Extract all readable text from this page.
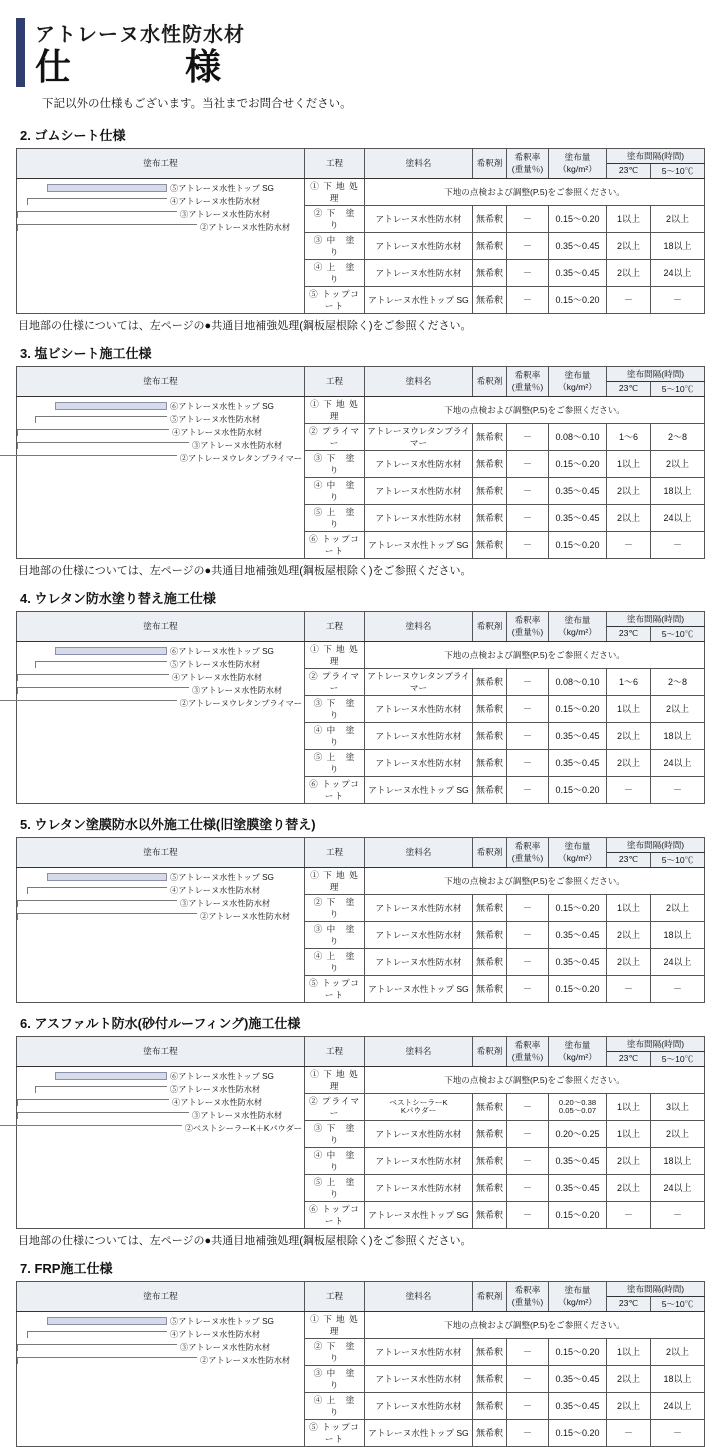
アトレーヌ水性防水材
仕　　様
下記以外の仕様もございます。当社までお問合せください。
2. ゴムシート仕様
塗布工程	工程	塗料名	希釈剤	希釈率(重量％)	塗布量（kg/m²）	塗布間隔(時間)	
						23℃	5～10℃

⑤アトレーヌ水性トップ SG
④アトレーヌ水性防水材
③アトレーヌ水性防水材
②アトレーヌ水性防水材	① 下 地 処 理	下地の点検および調整(P.5)をご参照ください。					
	② 下　塗　り	アトレーヌ水性防水材	無希釈	－	0.15～0.20	1以上	2以上
	③ 中　塗　り	アトレーヌ水性防水材	無希釈	－	0.35～0.45	2以上	18以上
	④ 上　塗　り	アトレーヌ水性防水材	無希釈	－	0.35～0.45	2以上	24以上
	⑤ トップコート	アトレーヌ水性トップ SG	無希釈	－	0.15～0.20	－	－
目地部の仕様については、左ページの●共通目地補強処理(鋼板屋根除く)をご参照ください。
3. 塩ビシート施工仕様
塗布工程	工程	塗料名	希釈剤	希釈率(重量％)	塗布量（kg/m²）	塗布間隔(時間)	
						23℃	5～10℃

⑥アトレーヌ水性トップ SG
⑤アトレーヌ水性防水材
④アトレーヌ水性防水材
③アトレーヌ水性防水材
②アトレーヌウレタンプライマー	① 下 地 処 理	下地の点検および調整(P.5)をご参照ください。					
	② プライマー	アトレーヌウレタンプライマー	無希釈	－	0.08～0.10	1～6	2～8
	③ 下　塗　り	アトレーヌ水性防水材	無希釈	－	0.15～0.20	1以上	2以上
	④ 中　塗　り	アトレーヌ水性防水材	無希釈	－	0.35～0.45	2以上	18以上
	⑤ 上　塗　り	アトレーヌ水性防水材	無希釈	－	0.35～0.45	2以上	24以上
	⑥ トップコート	アトレーヌ水性トップ SG	無希釈	－	0.15～0.20	－	－
目地部の仕様については、左ページの●共通目地補強処理(鋼板屋根除く)をご参照ください。
4. ウレタン防水塗り替え施工仕様
塗布工程	工程	塗料名	希釈剤	希釈率(重量％)	塗布量（kg/m²）	塗布間隔(時間)	
						23℃	5～10℃

⑥アトレーヌ水性トップ SG
⑤アトレーヌ水性防水材
④アトレーヌ水性防水材
③アトレーヌ水性防水材
②アトレーヌウレタンプライマー	① 下 地 処 理	下地の点検および調整(P.5)をご参照ください。					
	② プライマー	アトレーヌウレタンプライマー	無希釈	－	0.08～0.10	1～6	2～8
	③ 下　塗　り	アトレーヌ水性防水材	無希釈	－	0.15～0.20	1以上	2以上
	④ 中　塗　り	アトレーヌ水性防水材	無希釈	－	0.35～0.45	2以上	18以上
	⑤ 上　塗　り	アトレーヌ水性防水材	無希釈	－	0.35～0.45	2以上	24以上
	⑥ トップコート	アトレーヌ水性トップ SG	無希釈	－	0.15～0.20	－	－
5. ウレタン塗膜防水以外施工仕様(旧塗膜塗り替え)
塗布工程	工程	塗料名	希釈剤	希釈率(重量％)	塗布量（kg/m²）	塗布間隔(時間)	
						23℃	5～10℃

⑤アトレーヌ水性トップ SG
④アトレーヌ水性防水材
③アトレーヌ水性防水材
②アトレーヌ水性防水材	① 下 地 処 理	下地の点検および調整(P.5)をご参照ください。					
	② 下　塗　り	アトレーヌ水性防水材	無希釈	－	0.15～0.20	1以上	2以上
	③ 中　塗　り	アトレーヌ水性防水材	無希釈	－	0.35～0.45	2以上	18以上
	④ 上　塗　り	アトレーヌ水性防水材	無希釈	－	0.35～0.45	2以上	24以上
	⑤ トップコート	アトレーヌ水性トップ SG	無希釈	－	0.15～0.20	－	－
6. アスファルト防水(砂付ルーフィング)施工仕様
塗布工程	工程	塗料名	希釈剤	希釈率(重量％)	塗布量（kg/m²）	塗布間隔(時間)	
						23℃	5～10℃

⑥アトレーヌ水性トップ SG
⑤アトレーヌ水性防水材
④アトレーヌ水性防水材
③アトレーヌ水性防水材
②ベストシーラーK＋Kパウダー	① 下 地 処 理	下地の点検および調整(P.5)をご参照ください。					
	② プライマー	ベストシーラーK
Kパウダー	無希釈	－	0.20～0.38
0.05～0.07	1以上	3以上
	③ 下　塗　り	アトレーヌ水性防水材	無希釈	－	0.20～0.25	1以上	2以上
	④ 中　塗　り	アトレーヌ水性防水材	無希釈	－	0.35～0.45	2以上	18以上
	⑤ 上　塗　り	アトレーヌ水性防水材	無希釈	－	0.35～0.45	2以上	24以上
	⑥ トップコート	アトレーヌ水性トップ SG	無希釈	－	0.15～0.20	－	－
目地部の仕様については、左ページの●共通目地補強処理(鋼板屋根除く)をご参照ください。
7. FRP施工仕様
塗布工程	工程	塗料名	希釈剤	希釈率(重量％)	塗布量（kg/m²）	塗布間隔(時間)	
						23℃	5～10℃

⑤アトレーヌ水性トップ SG
④アトレーヌ水性防水材
③アトレーヌ水性防水材
②アトレーヌ水性防水材	① 下 地 処 理	下地の点検および調整(P.5)をご参照ください。					
	② 下　塗　り	アトレーヌ水性防水材	無希釈	－	0.15～0.20	1以上	2以上
	③ 中　塗　り	アトレーヌ水性防水材	無希釈	－	0.35～0.45	2以上	18以上
	④ 上　塗　り	アトレーヌ水性防水材	無希釈	－	0.35～0.45	2以上	24以上
	⑤ トップコート	アトレーヌ水性トップ SG	無希釈	－	0.15～0.20	－	－
